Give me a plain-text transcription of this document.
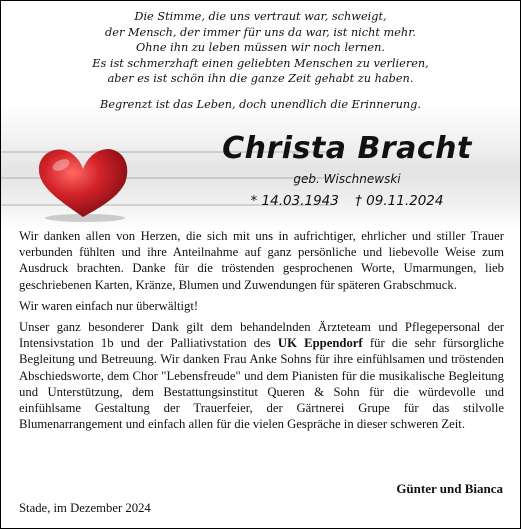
Die Stimme, die uns vertraut war, schweigt,
der Mensch, der immer für uns da war, ist nicht mehr.
Ohne ihn zu leben müssen wir noch lernen.
Es ist schmerzhaft einen geliebten Menschen zu verlieren,
aber es ist schön ihn die ganze Zeit gehabt zu haben.
Begrenzt ist das Leben, doch unendlich die Erinnerung.
Christa Bracht
geb. Wischnewski
* 14.03.1943 † 09.11.2024

Wir danken allen von Herzen, die sich mit uns in aufrichtiger, ehrlicher und stiller Trauer verbunden fühlten und ihre Anteilnahme auf ganz persönliche und liebevolle Weise zum Ausdruck brachten. Danke für die tröstenden gesprochenen Worte, Umarmungen, lieb geschriebenen Karten, Kränze, Blumen und Zuwendungen für späteren Grabschmuck.

Wir waren einfach nur überwältigt!

Unser ganz besonderer Dank gilt dem behandelnden Ärzteteam und Pflegepersonal der Intensivstation 1b und der Palliativstation des UK Eppendorf für die sehr fürsorgliche Begleitung und Betreuung. Wir danken Frau Anke Sohns für ihre einfühlsamen und tröstenden Abschiedsworte, dem Chor "Lebensfreude" und dem Pianisten für die musikalische Begleitung und Unterstützung, dem Bestattungsinstitut Queren & Sohn für die würdevolle und einfühlsame Gestaltung der Trauerfeier, der Gärtnerei Grupe für das stilvolle Blumenarrangement und einfach allen für die vielen Gespräche in dieser schweren Zeit.

Günter und Bianca
Stade, im Dezember 2024
